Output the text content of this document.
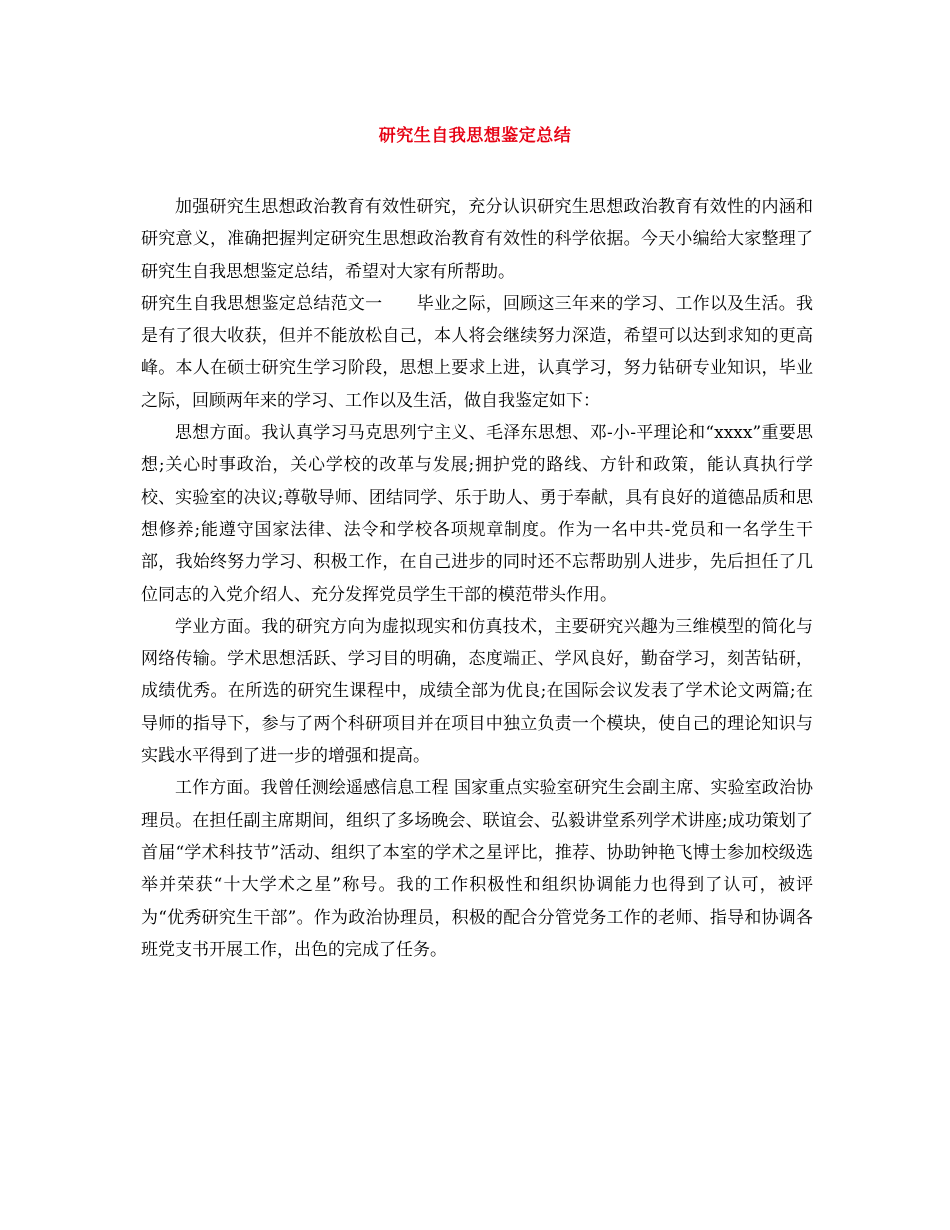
研究生自我思想鉴定总结

加强研究生思想政治教育有效性研究，充分认识研究生思想政治教育有效性的内涵和研究意义，准确把握判定研究生思想政治教育有效性的科学依据。今天小编给大家整理了研究生自我思想鉴定总结，希望对大家有所帮助。

研究生自我思想鉴定总结范文一　　毕业之际，回顾这三年来的学习、工作以及生活。我是有了很大收获，但并不能放松自己，本人将会继续努力深造，希望可以达到求知的更高峰。本人在硕士研究生学习阶段，思想上要求上进，认真学习，努力钻研专业知识，毕业之际，回顾两年来的学习、工作以及生活，做自我鉴定如下：

思想方面。我认真学习马克思列宁主义、毛泽东思想、邓-小-平理论和“xxxx”重要思想;关心时事政治，关心学校的改革与发展;拥护党的路线、方针和政策，能认真执行学校、实验室的决议;尊敬导师、团结同学、乐于助人、勇于奉献，具有良好的道德品质和思想修养;能遵守国家法律、法令和学校各项规章制度。作为一名中共-党员和一名学生干部，我始终努力学习、积极工作，在自己进步的同时还不忘帮助别人进步，先后担任了几位同志的入党介绍人、充分发挥党员学生干部的模范带头作用。

学业方面。我的研究方向为虚拟现实和仿真技术，主要研究兴趣为三维模型的简化与网络传输。学术思想活跃、学习目的明确，态度端正、学风良好，勤奋学习，刻苦钻研，成绩优秀。在所选的研究生课程中，成绩全部为优良;在国际会议发表了学术论文两篇;在导师的指导下，参与了两个科研项目并在项目中独立负责一个模块，使自己的理论知识与实践水平得到了进一步的增强和提高。

工作方面。我曾任测绘遥感信息工程 国家重点实验室研究生会副主席、实验室政治协理员。在担任副主席期间，组织了多场晚会、联谊会、弘毅讲堂系列学术讲座;成功策划了首届“学术科技节”活动、组织了本室的学术之星评比，推荐、协助钟艳飞博士参加校级选举并荣获“十大学术之星”称号。我的工作积极性和组织协调能力也得到了认可，被评为“优秀研究生干部”。作为政治协理员，积极的配合分管党务工作的老师、指导和协调各班党支书开展工作，出色的完成了任务。
